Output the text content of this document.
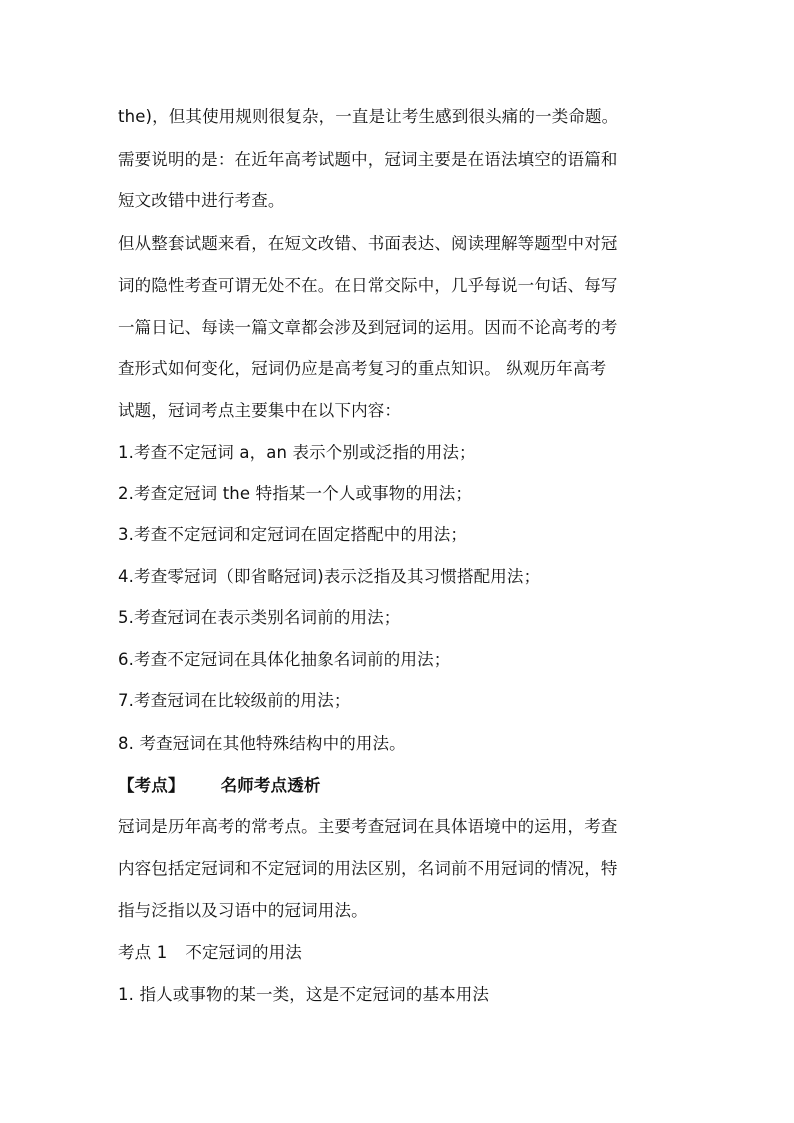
the)，但其使用规则很复杂，一直是让考生感到很头痛的一类命题。
需要说明的是：在近年高考试题中，冠词主要是在语法填空的语篇和
短文改错中进行考查。
但从整套试题来看，在短文改错、书面表达、阅读理解等题型中对冠
词的隐性考查可谓无处不在。在日常交际中，几乎每说一句话、每写
一篇日记、每读一篇文章都会涉及到冠词的运用。因而不论高考的考
查形式如何变化，冠词仍应是高考复习的重点知识。 纵观历年高考
试题，冠词考点主要集中在以下内容：
1.考查不定冠词 a，an 表示个别或泛指的用法；
2.考查定冠词 the 特指某一个人或事物的用法；
3.考查不定冠词和定冠词在固定搭配中的用法；
4.考查零冠词（即省略冠词)表示泛指及其习惯搭配用法；
5.考查冠词在表示类别名词前的用法；
6.考查不定冠词在具体化抽象名词前的用法；
7.考查冠词在比较级前的用法；
8. 考查冠词在其他特殊结构中的用法。
【考点】 名师考点透析
冠词是历年高考的常考点。主要考查冠词在具体语境中的运用，考查
内容包括定冠词和不定冠词的用法区别，名词前不用冠词的情况，特
指与泛指以及习语中的冠词用法。
考点 1 不定冠词的用法
1. 指人或事物的某一类，这是不定冠词的基本用法
